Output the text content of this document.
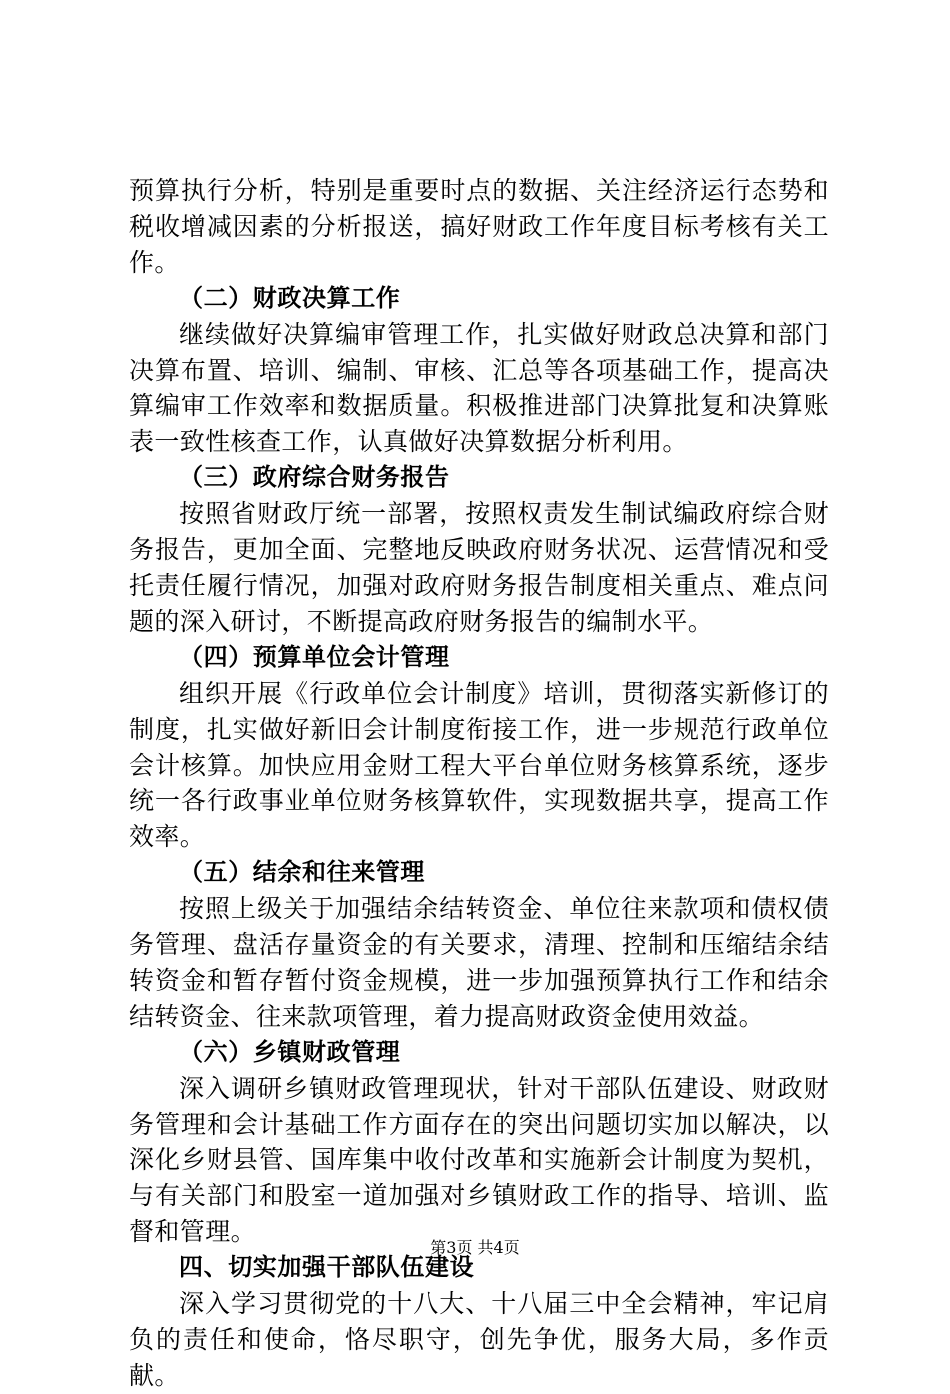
预算执行分析，特别是重要时点的数据、关注经济运行态势和税收增减因素的分析报送，搞好财政工作年度目标考核有关工作。

（二）财政决算工作

继续做好决算编审管理工作，扎实做好财政总决算和部门决算布置、培训、编制、审核、汇总等各项基础工作，提高决算编审工作效率和数据质量。积极推进部门决算批复和决算账表一致性核查工作，认真做好决算数据分析利用。

（三）政府综合财务报告

按照省财政厅统一部署，按照权责发生制试编政府综合财务报告，更加全面、完整地反映政府财务状况、运营情况和受托责任履行情况，加强对政府财务报告制度相关重点、难点问题的深入研讨，不断提高政府财务报告的编制水平。

（四）预算单位会计管理

组织开展《行政单位会计制度》培训，贯彻落实新修订的制度，扎实做好新旧会计制度衔接工作，进一步规范行政单位会计核算。加快应用金财工程大平台单位财务核算系统，逐步统一各行政事业单位财务核算软件，实现数据共享，提高工作效率。

（五）结余和往来管理

按照上级关于加强结余结转资金、单位往来款项和债权债务管理、盘活存量资金的有关要求，清理、控制和压缩结余结转资金和暂存暂付资金规模，进一步加强预算执行工作和结余结转资金、往来款项管理，着力提高财政资金使用效益。

（六）乡镇财政管理

深入调研乡镇财政管理现状，针对干部队伍建设、财政财务管理和会计基础工作方面存在的突出问题切实加以解决，以深化乡财县管、国库集中收付改革和实施新会计制度为契机，与有关部门和股室一道加强对乡镇财政工作的指导、培训、监督和管理。

四、切实加强干部队伍建设

深入学习贯彻党的十八大、十八届三中全会精神，牢记肩负的责任和使命，恪尽职守，创先争优，服务大局，多作贡献。

第3页 共4页
